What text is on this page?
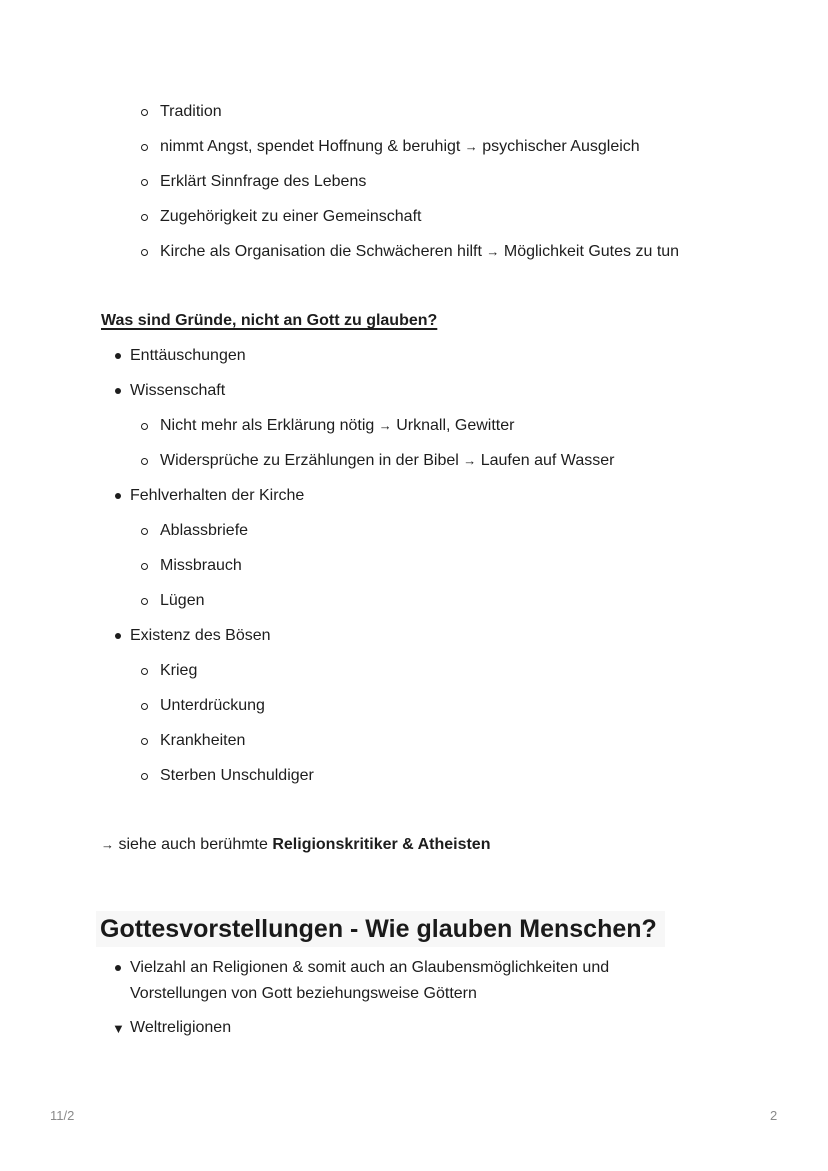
Tradition
nimmt Angst, spendet Hoffnung & beruhigt → psychischer Ausgleich
Erklärt Sinnfrage des Lebens
Zugehörigkeit zu einer Gemeinschaft
Kirche als Organisation die Schwächeren hilft → Möglichkeit Gutes zu tun
Was sind Gründe, nicht an Gott zu glauben?
Enttäuschungen
Wissenschaft
Nicht mehr als Erklärung nötig → Urknall, Gewitter
Widersprüche zu Erzählungen in der Bibel → Laufen auf Wasser
Fehlverhalten der Kirche
Ablassbriefe
Missbrauch
Lügen
Existenz des Bösen
Krieg
Unterdrückung
Krankheiten
Sterben Unschuldiger
→ siehe auch berühmte Religionskritiker & Atheisten
Gottesvorstellungen - Wie glauben Menschen?
Vielzahl an Religionen & somit auch an Glaubensmöglichkeiten und
Vorstellungen von Gott beziehungsweise Göttern
▼ Weltreligionen
11/2	2
